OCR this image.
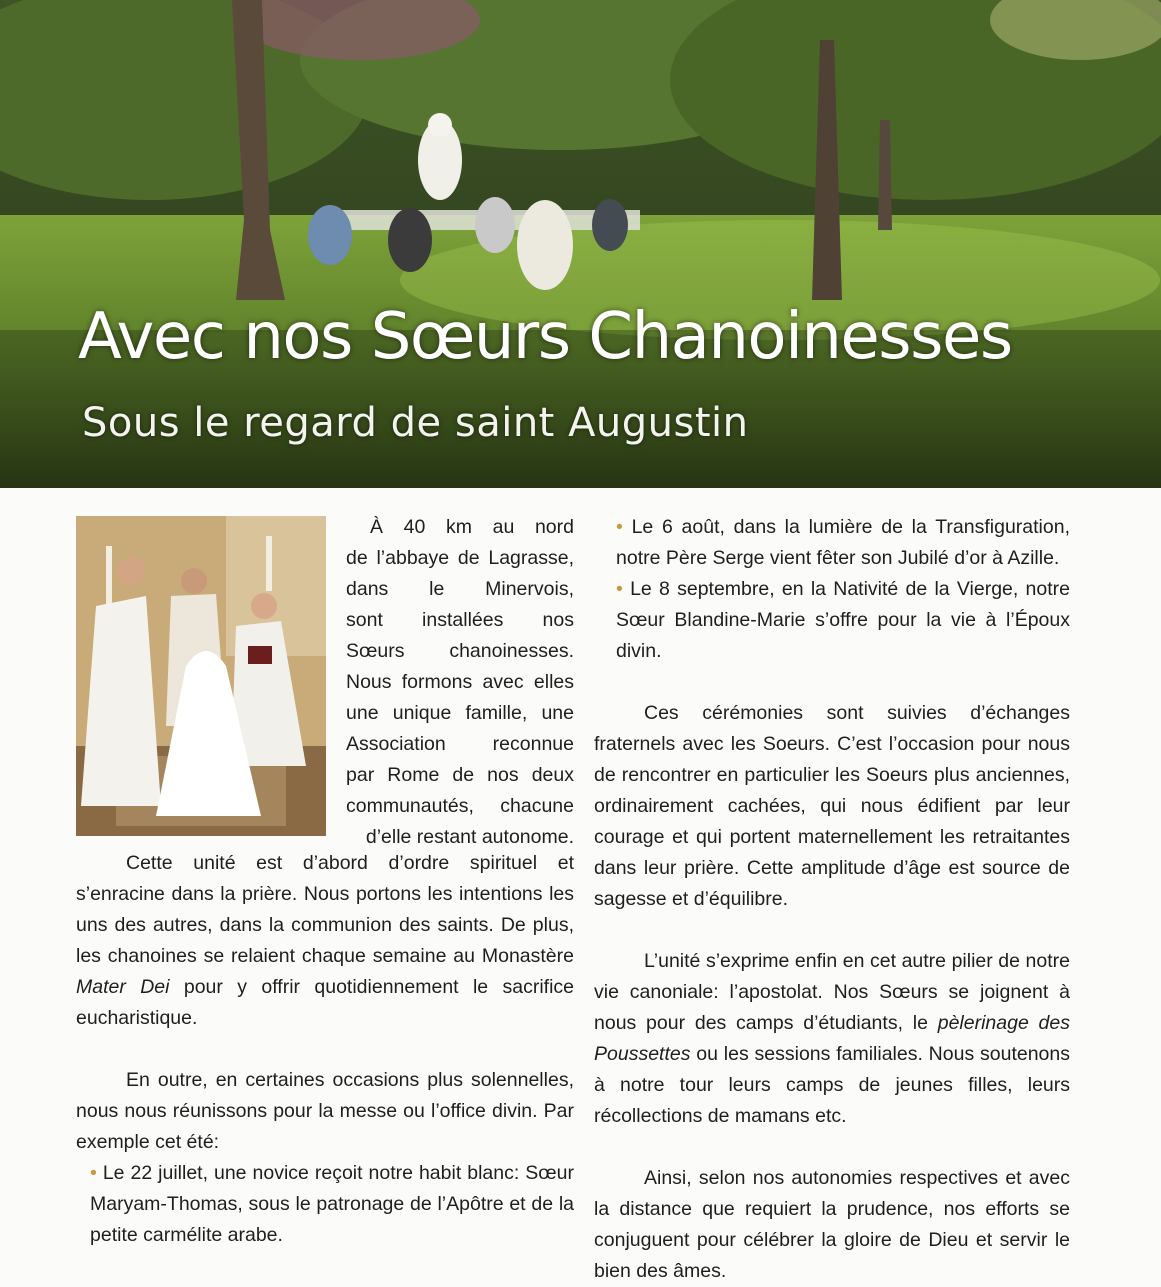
Avec nos Sœurs Chanoinesses
Sous le regard de saint Augustin

À 40 km au nord

de l’abbaye de Lagrasse,

dans le Minervois,

sont installées nos

Sœurs chanoinesses.

Nous formons avec elles

une unique famille, une

Association reconnue

par Rome de nos deux

communautés, chacune

d’elle restant autonome.

Cette unité est d’abord d’ordre spirituel et s’enracine dans la prière. Nous portons les intentions les uns des autres, dans la communion des saints. De plus, les chanoines se relaient chaque semaine au Monastère Mater Dei pour y offrir quotidiennement le sacrifice eucharistique.

En outre, en certaines occasions plus solennelles, nous nous réunissons pour la messe ou l’office divin. Par exemple cet été:

• Le 22 juillet, une novice reçoit notre habit blanc: Sœur Maryam-Thomas, sous le patronage de l’Apôtre et de la petite carmélite arabe.

• Le 6 août, dans la lumière de la Transfiguration, notre Père Serge vient fêter son Jubilé d’or à Azille.

• Le 8 septembre, en la Nativité de la Vierge, notre Sœur Blandine-Marie s’offre pour la vie à l’Époux divin.

Ces cérémonies sont suivies d’échanges fraternels avec les Soeurs. C’est l’occasion pour nous de rencontrer en particulier les Soeurs plus anciennes, ordinairement cachées, qui nous édifient par leur courage et qui portent maternellement les retraitantes dans leur prière. Cette amplitude d’âge est source de sagesse et d’équilibre.

L’unité s’exprime enfin en cet autre pilier de notre vie canoniale: l’apostolat. Nos Sœurs se joignent à nous pour des camps d’étudiants, le pèlerinage des Poussettes ou les sessions familiales. Nous soutenons à notre tour leurs camps de jeunes filles, leurs récollections de mamans etc.

Ainsi, selon nos autonomies respectives et avec la distance que requiert la prudence, nos efforts se conjuguent pour célébrer la gloire de Dieu et servir le bien des âmes.
